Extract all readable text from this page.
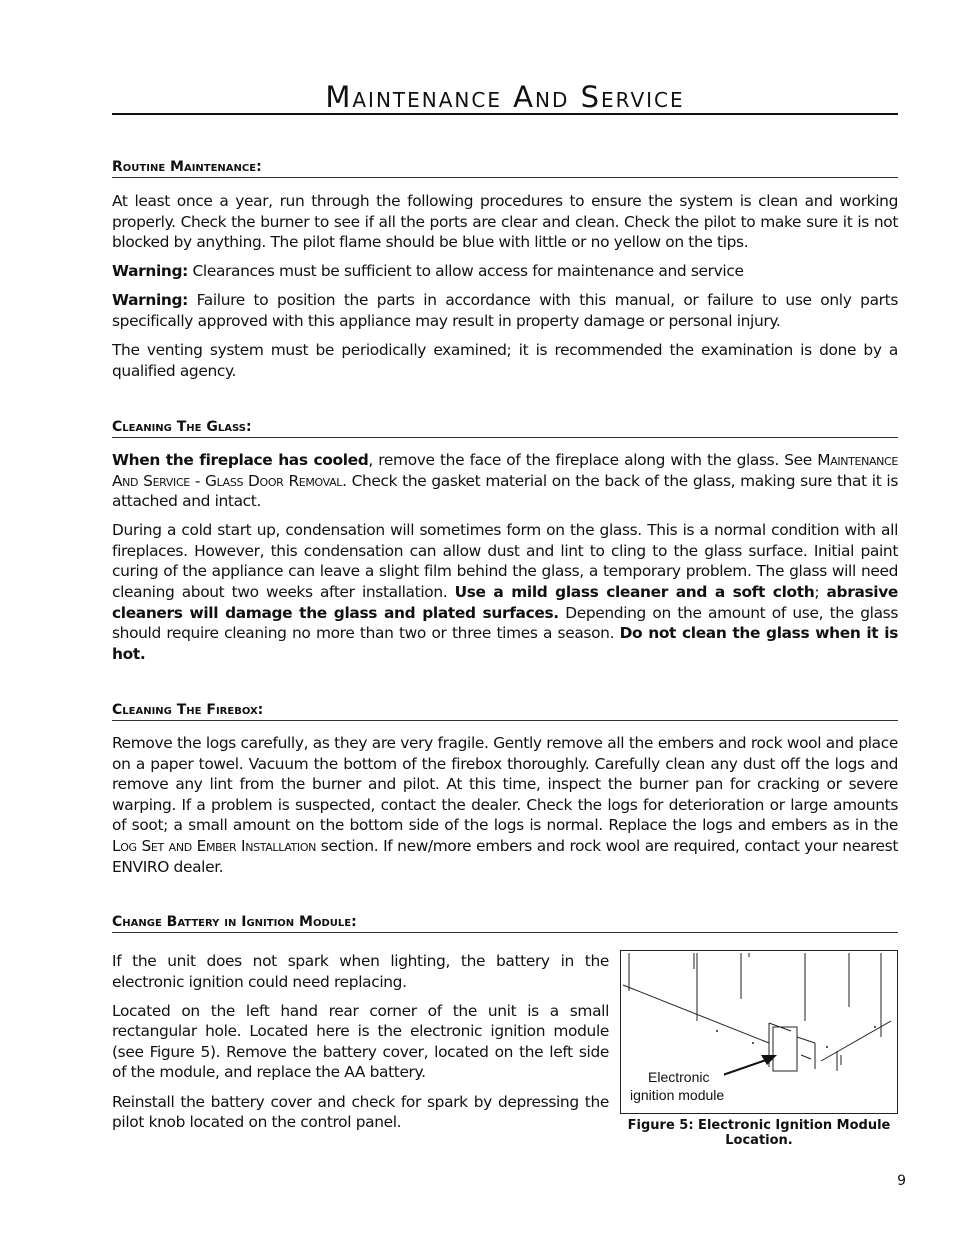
Maintenance And Service
Routine Maintenance:

At least once a year, run through the following procedures to ensure the system is clean and working properly. Check the burner to see if all the ports are clear and clean. Check the pilot to make sure it is not blocked by anything. The pilot flame should be blue with little or no yellow on the tips.

Warning: Clearances must be sufficient to allow access for maintenance and service

Warning: Failure to position the parts in accordance with this manual, or failure to use only parts specifically approved with this appliance may result in property damage or personal injury.

The venting system must be periodically examined; it is recommended the examination is done by a qualified agency.

Cleaning The Glass:

When the fireplace has cooled, remove the face of the fireplace along with the glass. See Maintenance And Service - Glass Door Removal. Check the gasket material on the back of the glass, making sure that it is attached and intact.

During a cold start up, condensation will sometimes form on the glass. This is a normal condition with all fireplaces. However, this condensation can allow dust and lint to cling to the glass surface. Initial paint curing of the appliance can leave a slight film behind the glass, a temporary problem. The glass will need cleaning about two weeks after installation. Use a mild glass cleaner and a soft cloth; abrasive cleaners will damage the glass and plated surfaces. Depending on the amount of use, the glass should require cleaning no more than two or three times a season. Do not clean the glass when it is hot.

Cleaning The Firebox:

Remove the logs carefully, as they are very fragile. Gently remove all the embers and rock wool and place on a paper towel. Vacuum the bottom of the firebox thoroughly. Carefully clean any dust off the logs and remove any lint from the burner and pilot. At this time, inspect the burner pan for cracking or severe warping. If a problem is suspected, contact the dealer. Check the logs for deterioration or large amounts of soot; a small amount on the bottom side of the logs is normal. Replace the logs and embers as in the Log Set and Ember Installation section. If new/more embers and rock wool are required, contact your nearest ENVIRO dealer.

Change Battery in Ignition Module:

If the unit does not spark when lighting, the battery in the electronic ignition could need replacing.

Located on the left hand rear corner of the unit is a small rectangular hole. Located here is the electronic ignition module (see Figure 5). Remove the battery cover, located on the left side of the module, and replace the AA battery.

Reinstall the battery cover and check for spark by depressing the pilot knob located on the control panel.

Electronic
ignition module
Figure 5: Electronic Ignition Module
Location.
9
